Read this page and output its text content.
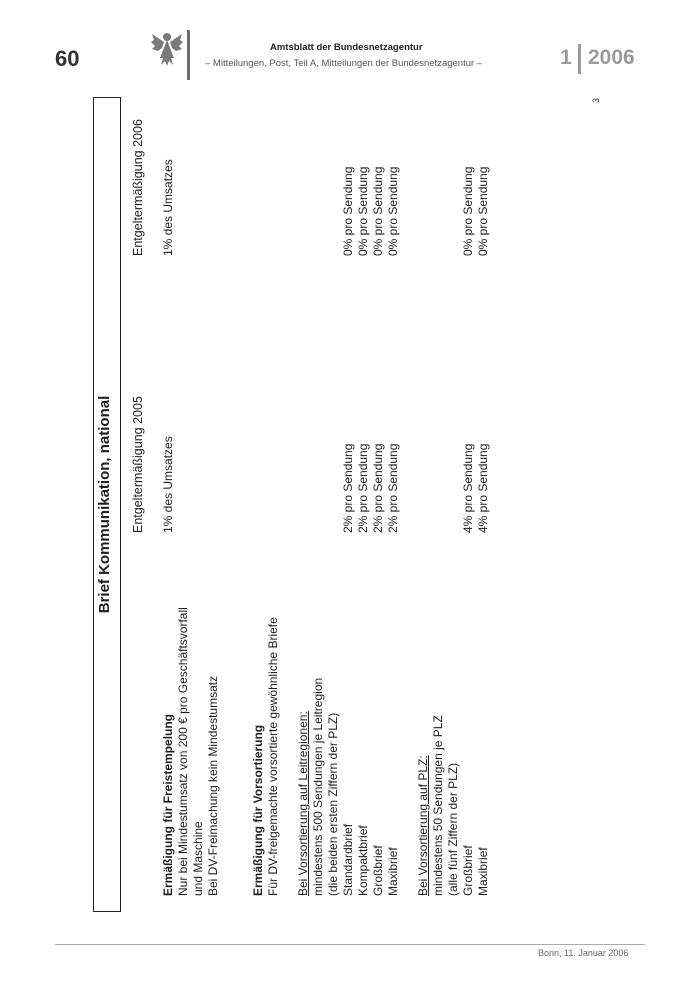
60	Amtsblatt der Bundesnetzagentur
– Mitteilungen, Post, Teil A, Mitteilungen der Bundesnetzagentur –	1 2006
3
Brief Kommunikation, national Entgeltermäßigung 2005
Entgeltermäßigung 2006
Ermäßigung für Freistempelung Nur bei Mindestumsatz von 200 € pro Geschäftsvorfall und Maschine Bei DV-Freimachung kein Mindestumsatz
1% des Umsatzes
1% des Umsatzes
Ermäßigung für Vorsortierung Für DV-freigemachte vorsortierte gewöhnliche Briefe Bei Vorsortierung auf Leitregionen: mindestens 500 Sendungen je Leitregion (die beiden ersten Ziffern der PLZ) Standardbrief
2% pro Sendung
0% pro Sendung
Kompaktbrief
2% pro Sendung
0% pro Sendung
Großbrief
2% pro Sendung
0% pro Sendung
Maxibrief
2% pro Sendung
0% pro Sendung
Bei Vorsortierung auf PLZ: mindestens 50 Sendungen je PLZ (alle fünf Ziffern der PLZ) Großbrief
4% pro Sendung
0% pro Sendung
Maxibrief
4% pro Sendung
0% pro Sendung
Bonn, 11. Januar 2006
